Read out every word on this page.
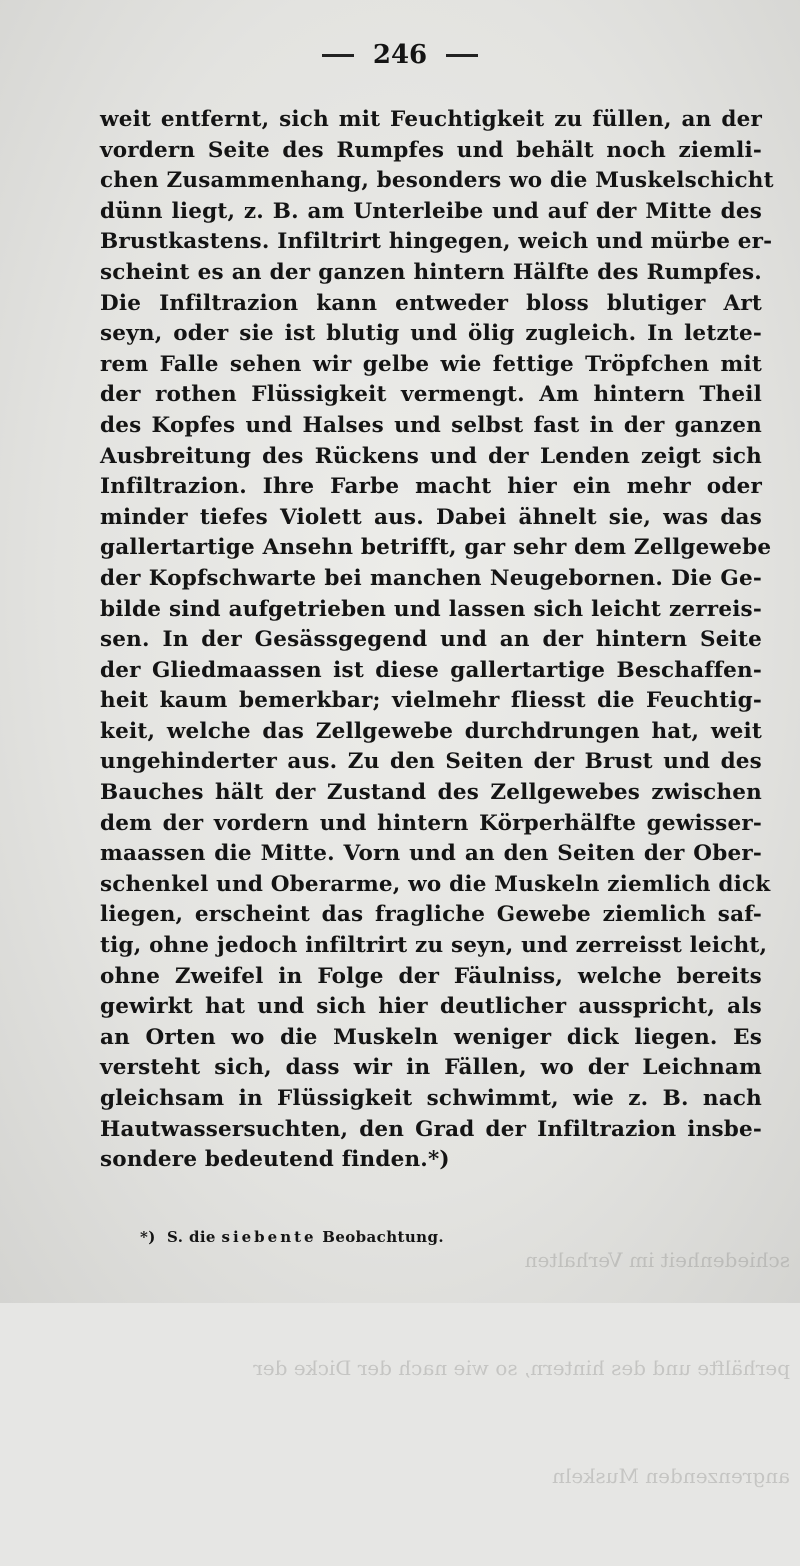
schiedenheit im Verhalten

perhälfte und des hintern, so wie nach der Dicke der

angrenzenden Muskeln

246
weit entfernt, sich mit Feuchtigkeit zu füllen, an der
vordern Seite des Rumpfes und behält noch ziemli-
chen Zusammenhang, besonders wo die Muskelschicht
dünn liegt, z. B. am Unterleibe und auf der Mitte des
Brustkastens. Infiltrirt hingegen, weich und mürbe er-
scheint es an der ganzen hintern Hälfte des Rumpfes.
Die Infiltrazion kann entweder bloss blutiger Art
seyn, oder sie ist blutig und ölig zugleich. In letzte-
rem Falle sehen wir gelbe wie fettige Tröpfchen mit
der rothen Flüssigkeit vermengt. Am hintern Theil
des Kopfes und Halses und selbst fast in der ganzen
Ausbreitung des Rückens und der Lenden zeigt sich
Infiltrazion. Ihre Farbe macht hier ein mehr oder
minder tiefes Violett aus. Dabei ähnelt sie, was das
gallertartige Ansehn betrifft, gar sehr dem Zellgewebe
der Kopfschwarte bei manchen Neugebornen. Die Ge-
bilde sind aufgetrieben und lassen sich leicht zerreis-
sen. In der Gesässgegend und an der hintern Seite
der Gliedmaassen ist diese gallertartige Beschaffen-
heit kaum bemerkbar; vielmehr fliesst die Feuchtig-
keit, welche das Zellgewebe durchdrungen hat, weit
ungehinderter aus. Zu den Seiten der Brust und des
Bauches hält der Zustand des Zellgewebes zwischen
dem der vordern und hintern Körperhälfte gewisser-
maassen die Mitte. Vorn und an den Seiten der Ober-
schenkel und Oberarme, wo die Muskeln ziemlich dick
liegen, erscheint das fragliche Gewebe ziemlich saf-
tig, ohne jedoch infiltrirt zu seyn, und zerreisst leicht,
ohne Zweifel in Folge der Fäulniss, welche bereits
gewirkt hat und sich hier deutlicher ausspricht, als
an Orten wo die Muskeln weniger dick liegen. Es
versteht sich, dass wir in Fällen, wo der Leichnam
gleichsam in Flüssigkeit schwimmt, wie z. B. nach
Hautwassersuchten, den Grad der Infiltrazion insbe-
sondere bedeutend finden.*)
*) S. die siebente Beobachtung.
